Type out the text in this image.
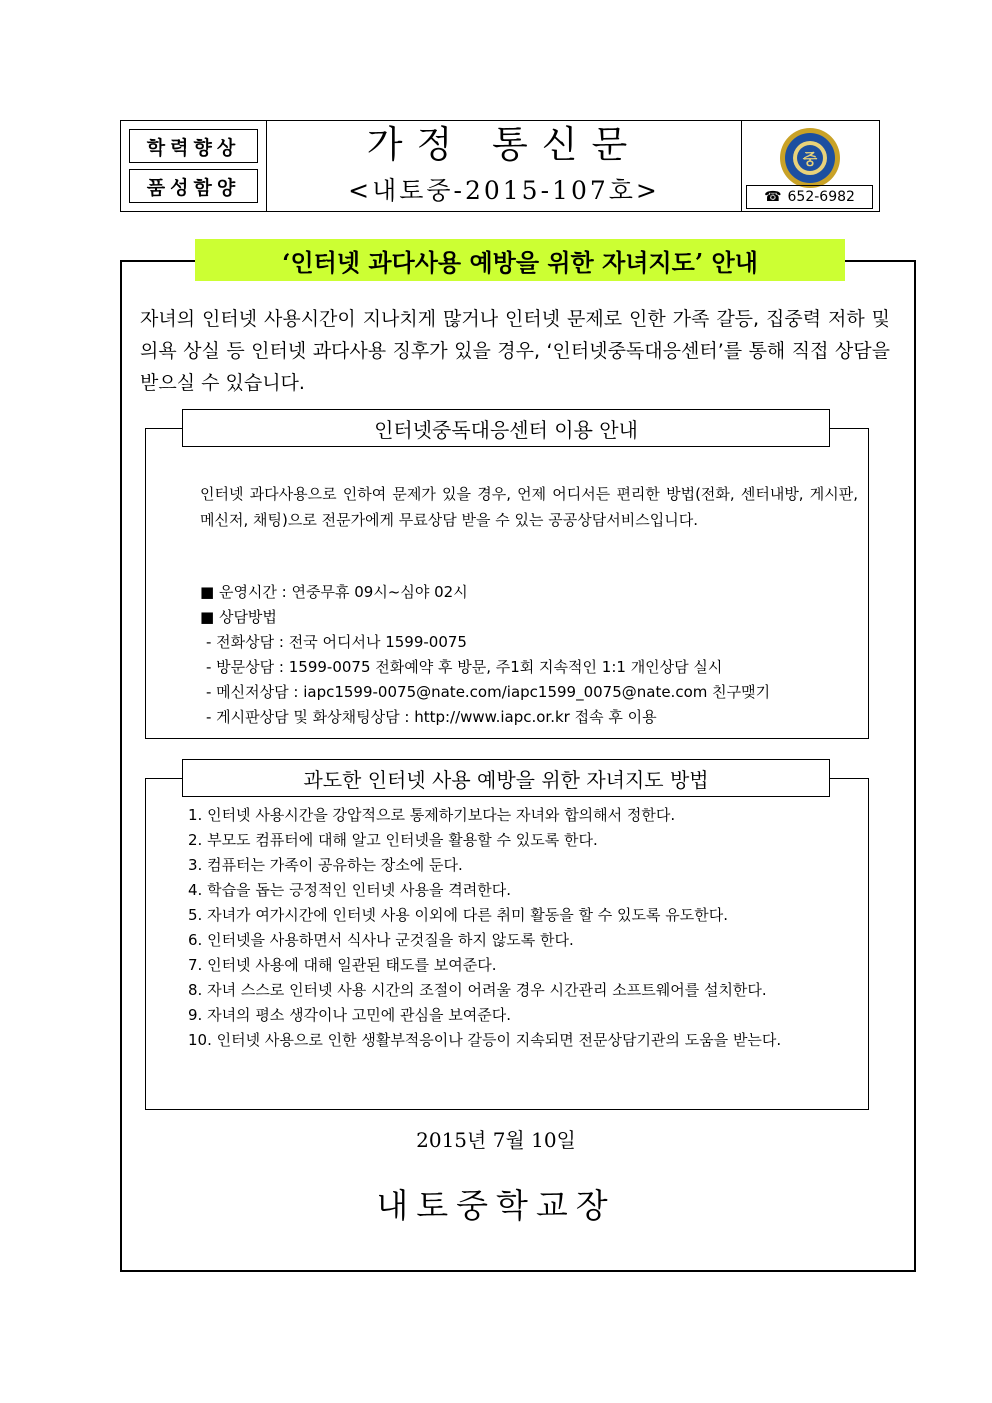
학력향상
품성함양
가정 통신문
<내토중-2015-107호>
중
☎ 652-6982
‘인터넷 과다사용 예방을 위한 자녀지도’ 안내
자녀의 인터넷 사용시간이 지나치게 많거나 인터넷 문제로 인한 가족 갈등, 집중력 저하 및 의욕 상실 등 인터넷 과다사용 징후가 있을 경우, ‘인터넷중독대응센터’를 통해 직접 상담을 받으실 수 있습니다.
인터넷중독대응센터 이용 안내
인터넷 과다사용으로 인하여 문제가 있을 경우, 언제 어디서든 편리한 방법(전화, 센터내방, 게시판, 메신저, 채팅)으로 전문가에게 무료상담 받을 수 있는 공공상담서비스입니다.
■ 운영시간 : 연중무휴 09시~심야 02시
■ 상담방법
- 전화상담 : 전국 어디서나 1599-0075
- 방문상담 : 1599-0075 전화예약 후 방문, 주1회 지속적인 1:1 개인상담 실시
- 메신저상담 : iapc1599-0075@nate.com/iapc1599_0075@nate.com 친구맺기
- 게시판상담 및 화상채팅상담 : http://www.iapc.or.kr 접속 후 이용
과도한 인터넷 사용 예방을 위한 자녀지도 방법
1. 인터넷 사용시간을 강압적으로 통제하기보다는 자녀와 합의해서 정한다.
2. 부모도 컴퓨터에 대해 알고 인터넷을 활용할 수 있도록 한다.
3. 컴퓨터는 가족이 공유하는 장소에 둔다.
4. 학습을 돕는 긍정적인 인터넷 사용을 격려한다.
5. 자녀가 여가시간에 인터넷 사용 이외에 다른 취미 활동을 할 수 있도록 유도한다.
6. 인터넷을 사용하면서 식사나 군것질을 하지 않도록 한다.
7. 인터넷 사용에 대해 일관된 태도를 보여준다.
8. 자녀 스스로 인터넷 사용 시간의 조절이 어려울 경우 시간관리 소프트웨어를 설치한다.
9. 자녀의 평소 생각이나 고민에 관심을 보여준다.
10. 인터넷 사용으로 인한 생활부적응이나 갈등이 지속되면 전문상담기관의 도움을 받는다.
2015년 7월 10일
내토중학교장
